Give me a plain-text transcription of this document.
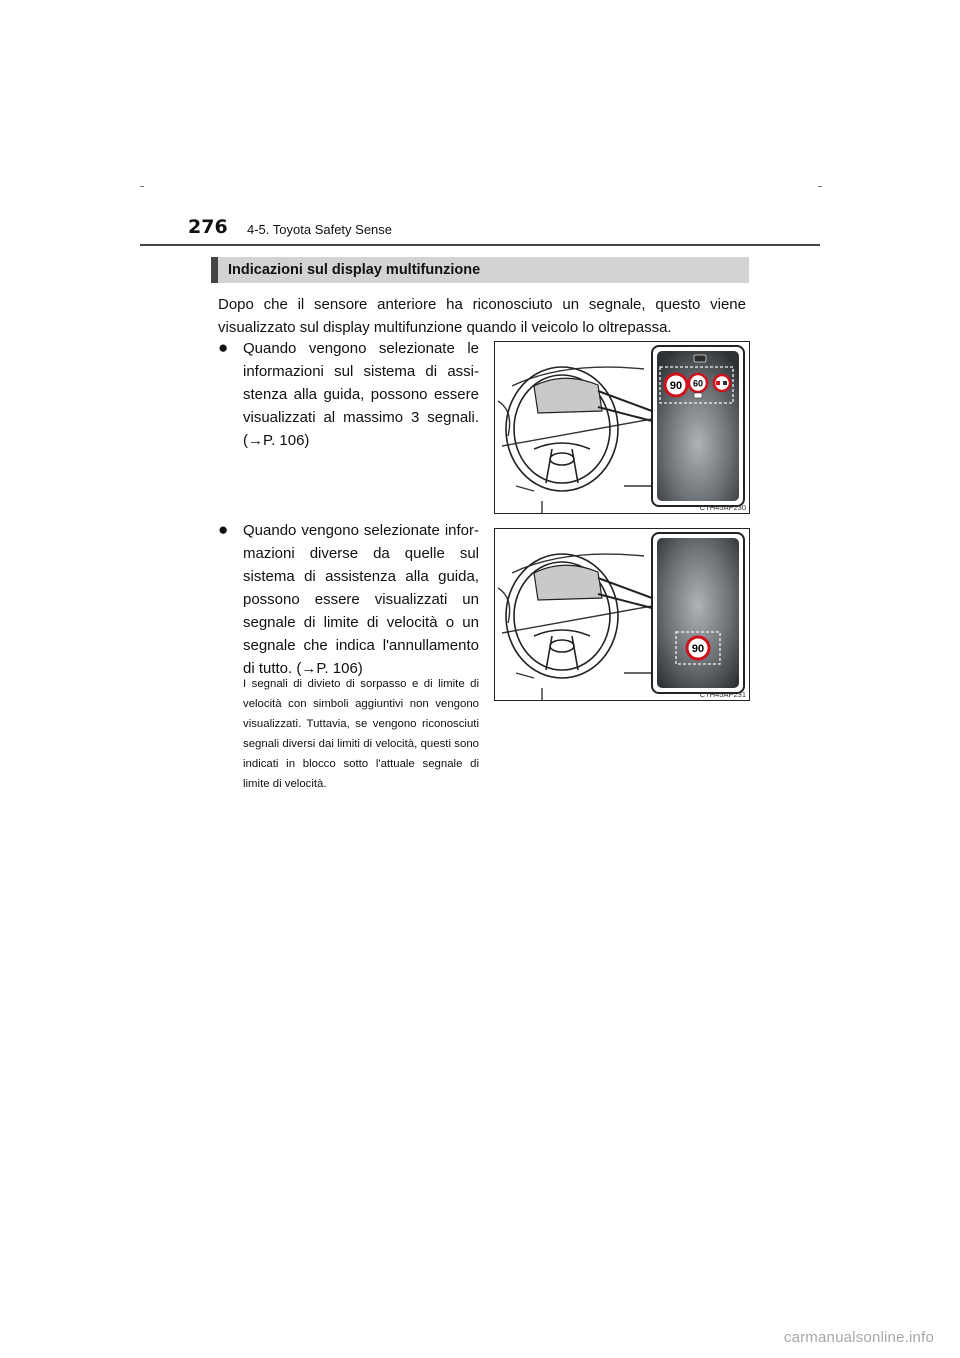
276 4-5. Toyota Safety Sense
Indicazioni sul display multifunzione

Dopo che il sensore anteriore ha riconosciuto un segnale, questo viene visualizzato sul display multifunzione quando il veicolo lo oltrepassa.

● Quando vengono selezionate le informazioni sul sistema di assi-stenza alla guida, possono essere visualizzati al massimo 3 segnali. (→P. 106)

90 60
CTH45AP230
● Quando vengono selezionate infor-mazioni diverse da quelle sul sistema di assistenza alla guida, possono essere visualizzati un segnale di limite di velocità o un segnale che indica l'annullamento di tutto. (→P. 106)

I segnali di divieto di sorpasso e di limite di velocità con simboli aggiuntivi non vengono visualizzati. Tuttavia, se vengono riconosciuti segnali diversi dai limiti di velocità, questi sono indicati in blocco sotto l'attuale segnale di limite di velocità.

90
CTH45AP231
carmanualsonline.info
